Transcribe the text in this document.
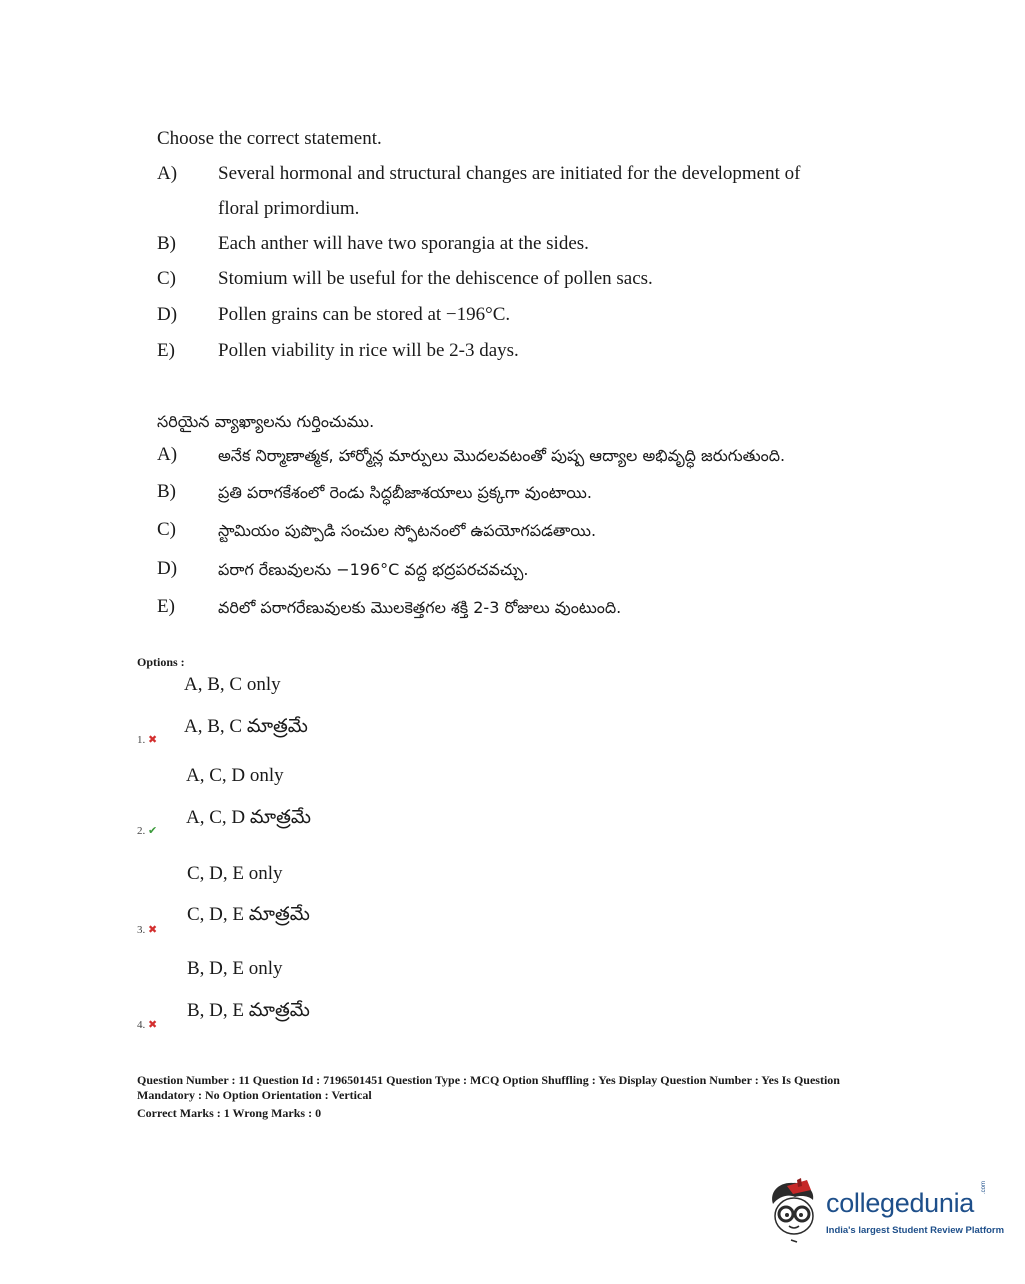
Choose the correct statement.
A) Several hormonal and structural changes are initiated for the development of
floral primordium.
B) Each anther will have two sporangia at the sides.
C) Stomium will be useful for the dehiscence of pollen sacs.
D) Pollen grains can be stored at −196°C.
E) Pollen viability in rice will be 2-3 days.
సరియైన వ్యాఖ్యాలను గుర్తించుము.
A)	అనేక నిర్మాణాత్మక, హార్మోన్ల మార్పులు మొదలవటంతో పుష్ప ఆద్యాల అభివృద్ధి జరుగుతుంది.
B)	ప్రతి పరాగకేశంలో రెండు సిద్ధబీజాశయాలు ప్రక్కగా వుంటాయి.
C)	స్టామియం పుప్పొడి సంచుల స్ఫోటనంలో ఉపయోగపడతాయి.
D)	పరాగ రేణువులను −196°C వద్ద భద్రపరచవచ్చు.
E)	వరిలో పరాగరేణువులకు మొలకెత్తగల శక్తి 2-3 రోజులు వుంటుంది.
Options :
A, B, C only
A, B, C మాత్రమే
1. ✖
A, C, D only
A, C, D మాత్రమే
2. ✔
C, D, E only
C, D, E మాత్రమే
3. ✖
B, D, E only
B, D, E మాత్రమే
4. ✖
Question Number : 11 Question Id : 7196501451 Question Type : MCQ Option Shuffling : Yes Display Question Number : Yes Is Question
Mandatory : No Option Orientation : Vertical
Correct Marks : 1 Wrong Marks : 0
collegedunia
.com
India's largest Student Review Platform
